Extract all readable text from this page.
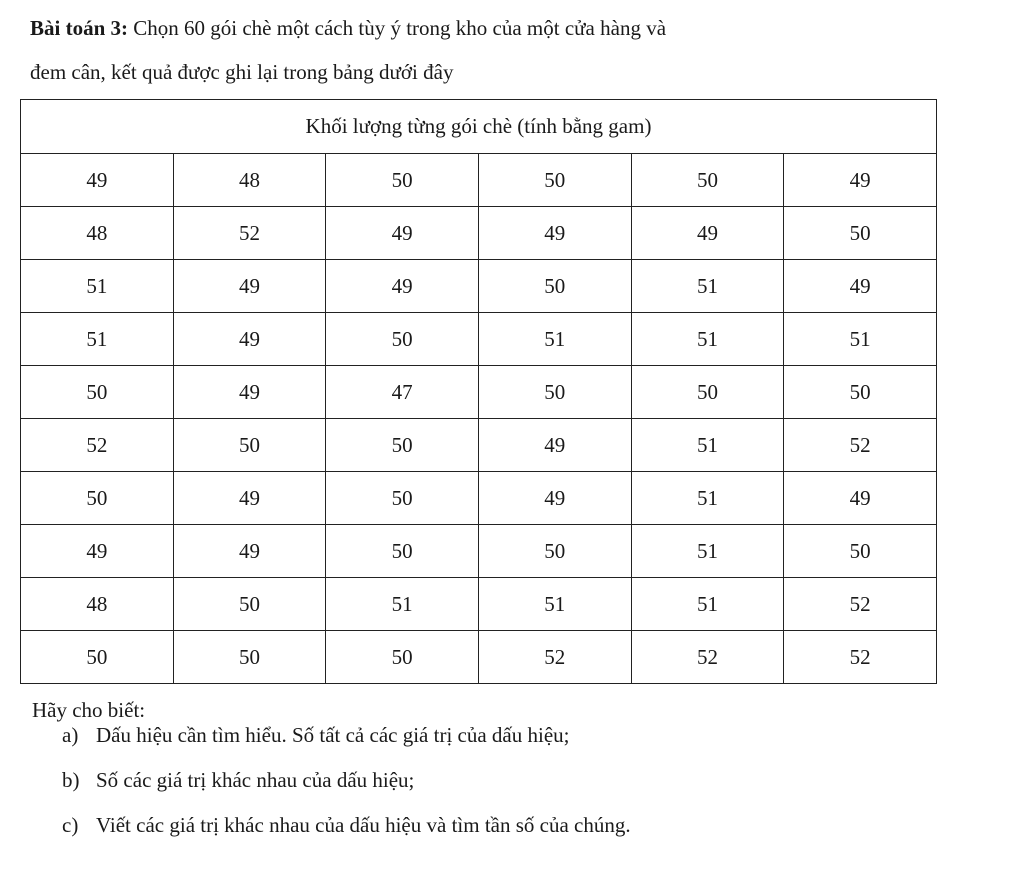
Bài toán 3: Chọn 60 gói chè một cách tùy ý trong kho của một cửa hàng và

đem cân, kết quả được ghi lại trong bảng dưới đây

Khối lượng từng gói chè (tính bằng gam)					
49	48	50	50	50	49
48	52	49	49	49	50
51	49	49	50	51	49
51	49	50	51	51	51
50	49	47	50	50	50
52	50	50	49	51	52
50	49	50	49	51	49
49	49	50	50	51	50
48	50	51	51	51	52
50	50	50	52	52	52

Hãy cho biết:

a) Dấu hiệu cần tìm hiểu. Số tất cả các giá trị của dấu hiệu;
b) Số các giá trị khác nhau của dấu hiệu;
c) Viết các giá trị khác nhau của dấu hiệu và tìm tần số của chúng.
